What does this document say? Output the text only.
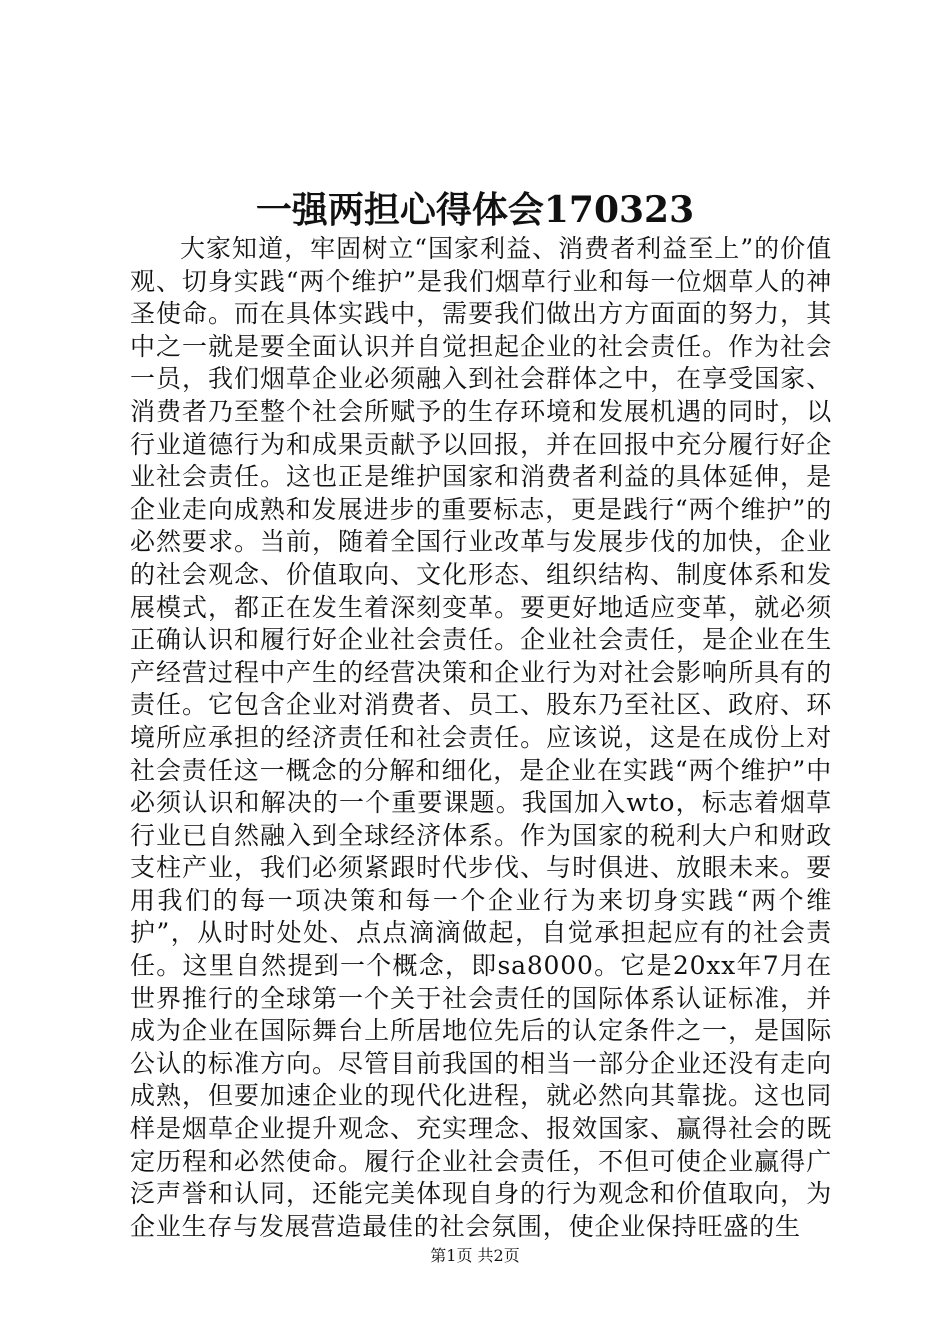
一强两担心得体会170323

大家知道，牢固树立“国家利益、消费者利益至上”的价值观、切身实践“两个维护”是我们烟草行业和每一位烟草人的神圣使命。而在具体实践中，需要我们做出方方面面的努力，其中之一就是要全面认识并自觉担起企业的社会责任。作为社会一员，我们烟草企业必须融入到社会群体之中，在享受国家、消费者乃至整个社会所赋予的生存环境和发展机遇的同时，以行业道德行为和成果贡献予以回报，并在回报中充分履行好企业社会责任。这也正是维护国家和消费者利益的具体延伸，是企业走向成熟和发展进步的重要标志，更是践行“两个维护”的必然要求。当前，随着全国行业改革与发展步伐的加快，企业的社会观念、价值取向、文化形态、组织结构、制度体系和发展模式，都正在发生着深刻变革。要更好地适应变革，就必须正确认识和履行好企业社会责任。企业社会责任，是企业在生产经营过程中产生的经营决策和企业行为对社会影响所具有的责任。它包含企业对消费者、员工、股东乃至社区、政府、环境所应承担的经济责任和社会责任。应该说，这是在成份上对社会责任这一概念的分解和细化，是企业在实践“两个维护”中必须认识和解决的一个重要课题。我国加入wto，标志着烟草行业已自然融入到全球经济体系。作为国家的税利大户和财政支柱产业，我们必须紧跟时代步伐、与时俱进、放眼未来。要用我们的每一项决策和每一个企业行为来切身实践“两个维护”，从时时处处、点点滴滴做起，自觉承担起应有的社会责任。这里自然提到一个概念，即sa8000。它是20xx年7月在世界推行的全球第一个关于社会责任的国际体系认证标准，并成为企业在国际舞台上所居地位先后的认定条件之一，是国际公认的标准方向。尽管目前我国的相当一部分企业还没有走向成熟，但要加速企业的现代化进程，就必然向其靠拢。这也同样是烟草企业提升观念、充实理念、报效国家、赢得社会的既定历程和必然使命。履行企业社会责任，不但可使企业赢得广泛声誉和认同，还能完美体现自身的行为观念和价值取向，为企业生存与发展营造最佳的社会氛围，使企业保持旺盛的生

第1页 共2页
